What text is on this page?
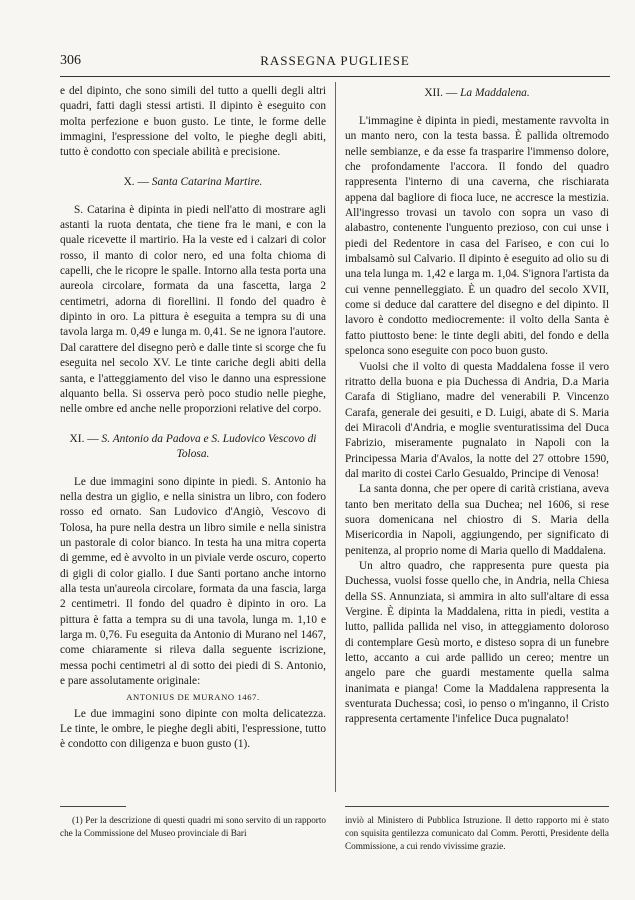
306	RASSEGNA PUGLIESE

e del dipinto, che sono simili del tutto a quelli degli altri quadri, fatti dagli stessi artisti. Il dipinto è eseguito con molta perfezione e buon gusto. Le tinte, le forme delle immagini, l'espressione del volto, le pieghe degli abiti, tutto è condotto con speciale abilità e precisione.

X. — Santa Catarina Martire.

S. Catarina è dipinta in piedi nell'atto di mostrare agli astanti la ruota dentata, che tiene fra le mani, e con la quale ricevette il martirio. Ha la veste ed i calzari di color rosso, il manto di color nero, ed una folta chioma di capelli, che le ricopre le spalle. Intorno alla testa porta una aureola circolare, formata da una fascetta, larga 2 centimetri, adorna di fiorellini. Il fondo del quadro è dipinto in oro. La pittura è eseguita a tempra su di una tavola larga m. 0,49 e lunga m. 0,41. Se ne ignora l'autore. Dal carattere del disegno però e dalle tinte si scorge che fu eseguita nel secolo XV. Le tinte cariche degli abiti della santa, e l'atteggiamento del viso le danno una espressione alquanto bella. Si osserva però poco studio nelle pieghe, nelle ombre ed anche nelle proporzioni relative del corpo.

XI. — S. Antonio da Padova e S. Ludovico Vescovo di Tolosa.

Le due immagini sono dipinte in piedi. S. Antonio ha nella destra un giglio, e nella sinistra un libro, con fodero rosso ed ornato. San Ludovico d'Angiò, Vescovo di Tolosa, ha pure nella destra un libro simile e nella sinistra un pastorale di color bianco. In testa ha una mitra coperta di gemme, ed è avvolto in un piviale verde oscuro, coperto di gigli di color giallo. I due Santi portano anche intorno alla testa un'aureola circolare, formata da una fascia, larga 2 centimetri. Il fondo del quadro è dipinto in oro. La pittura è fatta a tempra su di una tavola, lunga m. 1,10 e larga m. 0,76. Fu eseguita da Antonio di Murano nel 1467, come chiaramente si rileva dalla seguente iscrizione, messa pochi centimetri al di sotto dei piedi di S. Antonio, e pare assolutamente originale:

ANTONIUS DE MURANO 1467.

Le due immagini sono dipinte con molta delicatezza. Le tinte, le ombre, le pieghe degli abiti, l'espressione, tutto è condotto con diligenza e buon gusto (1).

XII. — La Maddalena.

L'immagine è dipinta in piedi, mestamente ravvolta in un manto nero, con la testa bassa. È pallida oltremodo nelle sembianze, e da esse fa trasparire l'immenso dolore, che profondamente l'accora. Il fondo del quadro rappresenta l'interno di una caverna, che rischiarata appena dal bagliore di fioca luce, ne accresce la mestizia. All'ingresso trovasi un tavolo con sopra un vaso di alabastro, contenente l'unguento prezioso, con cui unse i piedi del Redentore in casa del Fariseo, e con cui lo imbalsamò sul Calvario. Il dipinto è eseguito ad olio su di una tela lunga m. 1,42 e larga m. 1,04. S'ignora l'artista da cui venne pennelleggiato. È un quadro del secolo XVII, come si deduce dal carattere del disegno e del dipinto. Il lavoro è condotto mediocremente: il volto della Santa è fatto piuttosto bene: le tinte degli abiti, del fondo e della spelonca sono eseguite con poco buon gusto.

Vuolsi che il volto di questa Maddalena fosse il vero ritratto della buona e pia Duchessa di Andria, D.a Maria Carafa di Stigliano, madre del venerabili P. Vincenzo Carafa, generale dei gesuiti, e D. Luigi, abate di S. Maria dei Miracoli d'Andria, e moglie sventuratissima del Duca Fabrizio, miseramente pugnalato in Napoli con la Principessa Maria d'Avalos, la notte del 27 ottobre 1590, dal marito di costei Carlo Gesualdo, Principe di Venosa!

La santa donna, che per opere di carità cristiana, aveva tanto ben meritato della sua Duchea; nel 1606, si rese suora domenicana nel chiostro di S. Maria della Misericordia in Napoli, aggiungendo, per significato di penitenza, al proprio nome di Maria quello di Maddalena.

Un altro quadro, che rappresenta pure questa pia Duchessa, vuolsi fosse quello che, in Andria, nella Chiesa della SS. Annunziata, si ammira in alto sull'altare di essa Vergine. È dipinta la Maddalena, ritta in piedi, vestita a lutto, pallida pallida nel viso, in atteggiamento doloroso di contemplare Gesù morto, e disteso sopra di un funebre letto, accanto a cui arde pallido un cereo; mentre un angelo pare che guardi mestamente quella salma inanimata e pianga! Come la Maddalena rappresenta la sventurata Duchessa; così, io penso o m'inganno, il Cristo rappresenta certamente l'infelice Duca pugnalato!

(1) Per la descrizione di questi quadri mi sono servito di un rapporto che la Commissione del Museo provinciale di Bari

inviò al Ministero di Pubblica Istruzione. Il detto rapporto mi è stato con squisita gentilezza comunicato dal Comm. Perotti, Presidente della Commissione, a cui rendo vivissime grazie.
